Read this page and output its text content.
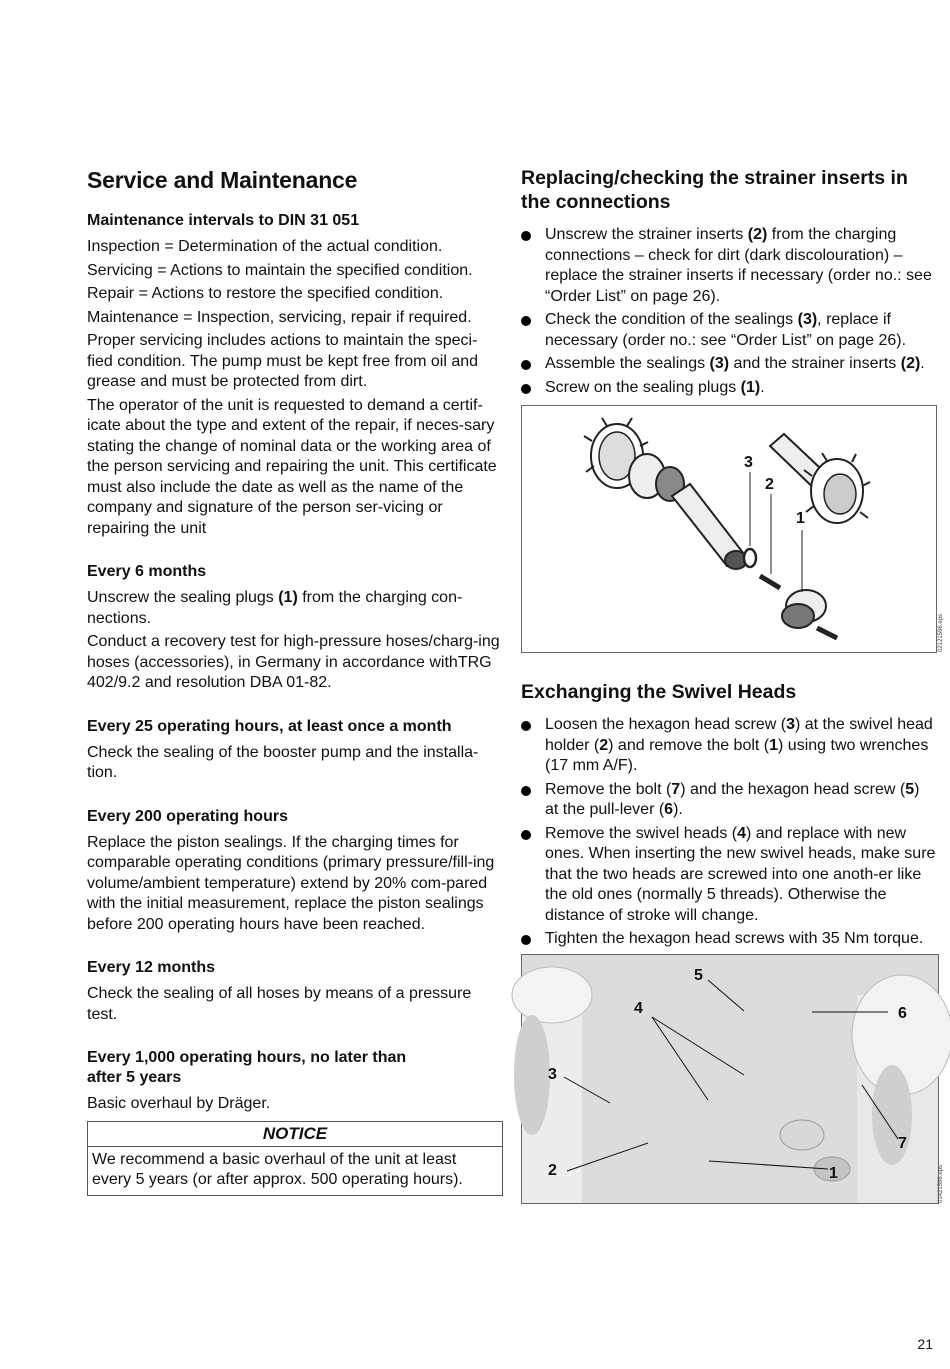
Service and Maintenance
Maintenance intervals to DIN 31 051

Inspection = Determination of the actual condition.

Servicing = Actions to maintain the specified condition.

Repair = Actions to restore the specified condition.

Maintenance = Inspection, servicing, repair if required.

Proper servicing includes actions to maintain the speci-fied condition. The pump must be kept free from oil and grease and must be protected from dirt.

The operator of the unit is requested to demand a certif-icate about the type and extent of the repair, if neces-sary stating the change of nominal data or the working area of the person servicing and repairing the unit. This certificate must also include the date as well as the name of the company and signature of the person ser-vicing or repairing the unit

Every 6 months

Unscrew the sealing plugs (1) from the charging con-nections.

Conduct a recovery test for high-pressure hoses/charg-ing hoses (accessories), in Germany in accordance withTRG 402/9.2 and resolution DBA 01-82.

Every 25 operating hours, at least once a month

Check the sealing of the booster pump and the installa-tion.

Every 200 operating hours

Replace the piston sealings. If the charging times for comparable operating conditions (primary pressure/fill-ing volume/ambient temperature) extend by 20% com-pared with the initial measurement, replace the piston sealings before 200 operating hours have been reached.

Every 12 months

Check the sealing of all hoses by means of a pressure test.

Every 1,000 operating hours, no later than
after 5 years

Basic overhaul by Dräger.

NOTICE
We recommend a basic overhaul of the unit at least every 5 years (or after approx. 500 operating hours).
Replacing/checking the strainer inserts in the connections
Unscrew the strainer inserts (2) from the charging connections – check for dirt (dark discolouration) – replace the strainer inserts if necessary (order no.: see “Order List” on page 26).
Check the condition of the sealings (3), replace if necessary (order no.: see “Order List” on page 26).
Assemble the sealings (3) and the strainer inserts (2).
Screw on the sealing plugs (1).
3
2
1
02121596.eps
Exchanging the Swivel Heads
Loosen the hexagon head screw (3) at the swivel head holder (2) and remove the bolt (1) using two wrenches (17 mm A/F).
Remove the bolt (7) and the hexagon head screw (5) at the pull-lever (6).
Remove the swivel heads (4) and replace with new ones. When inserting the new swivel heads, make sure that the two heads are screwed into one anoth-er like the old ones (normally 5 threads). Otherwise the distance of stroke will change.
Tighten the hexagon head screws with 35 Nm torque.
5
4	6
3
7
2	1	01421596.eps
21
